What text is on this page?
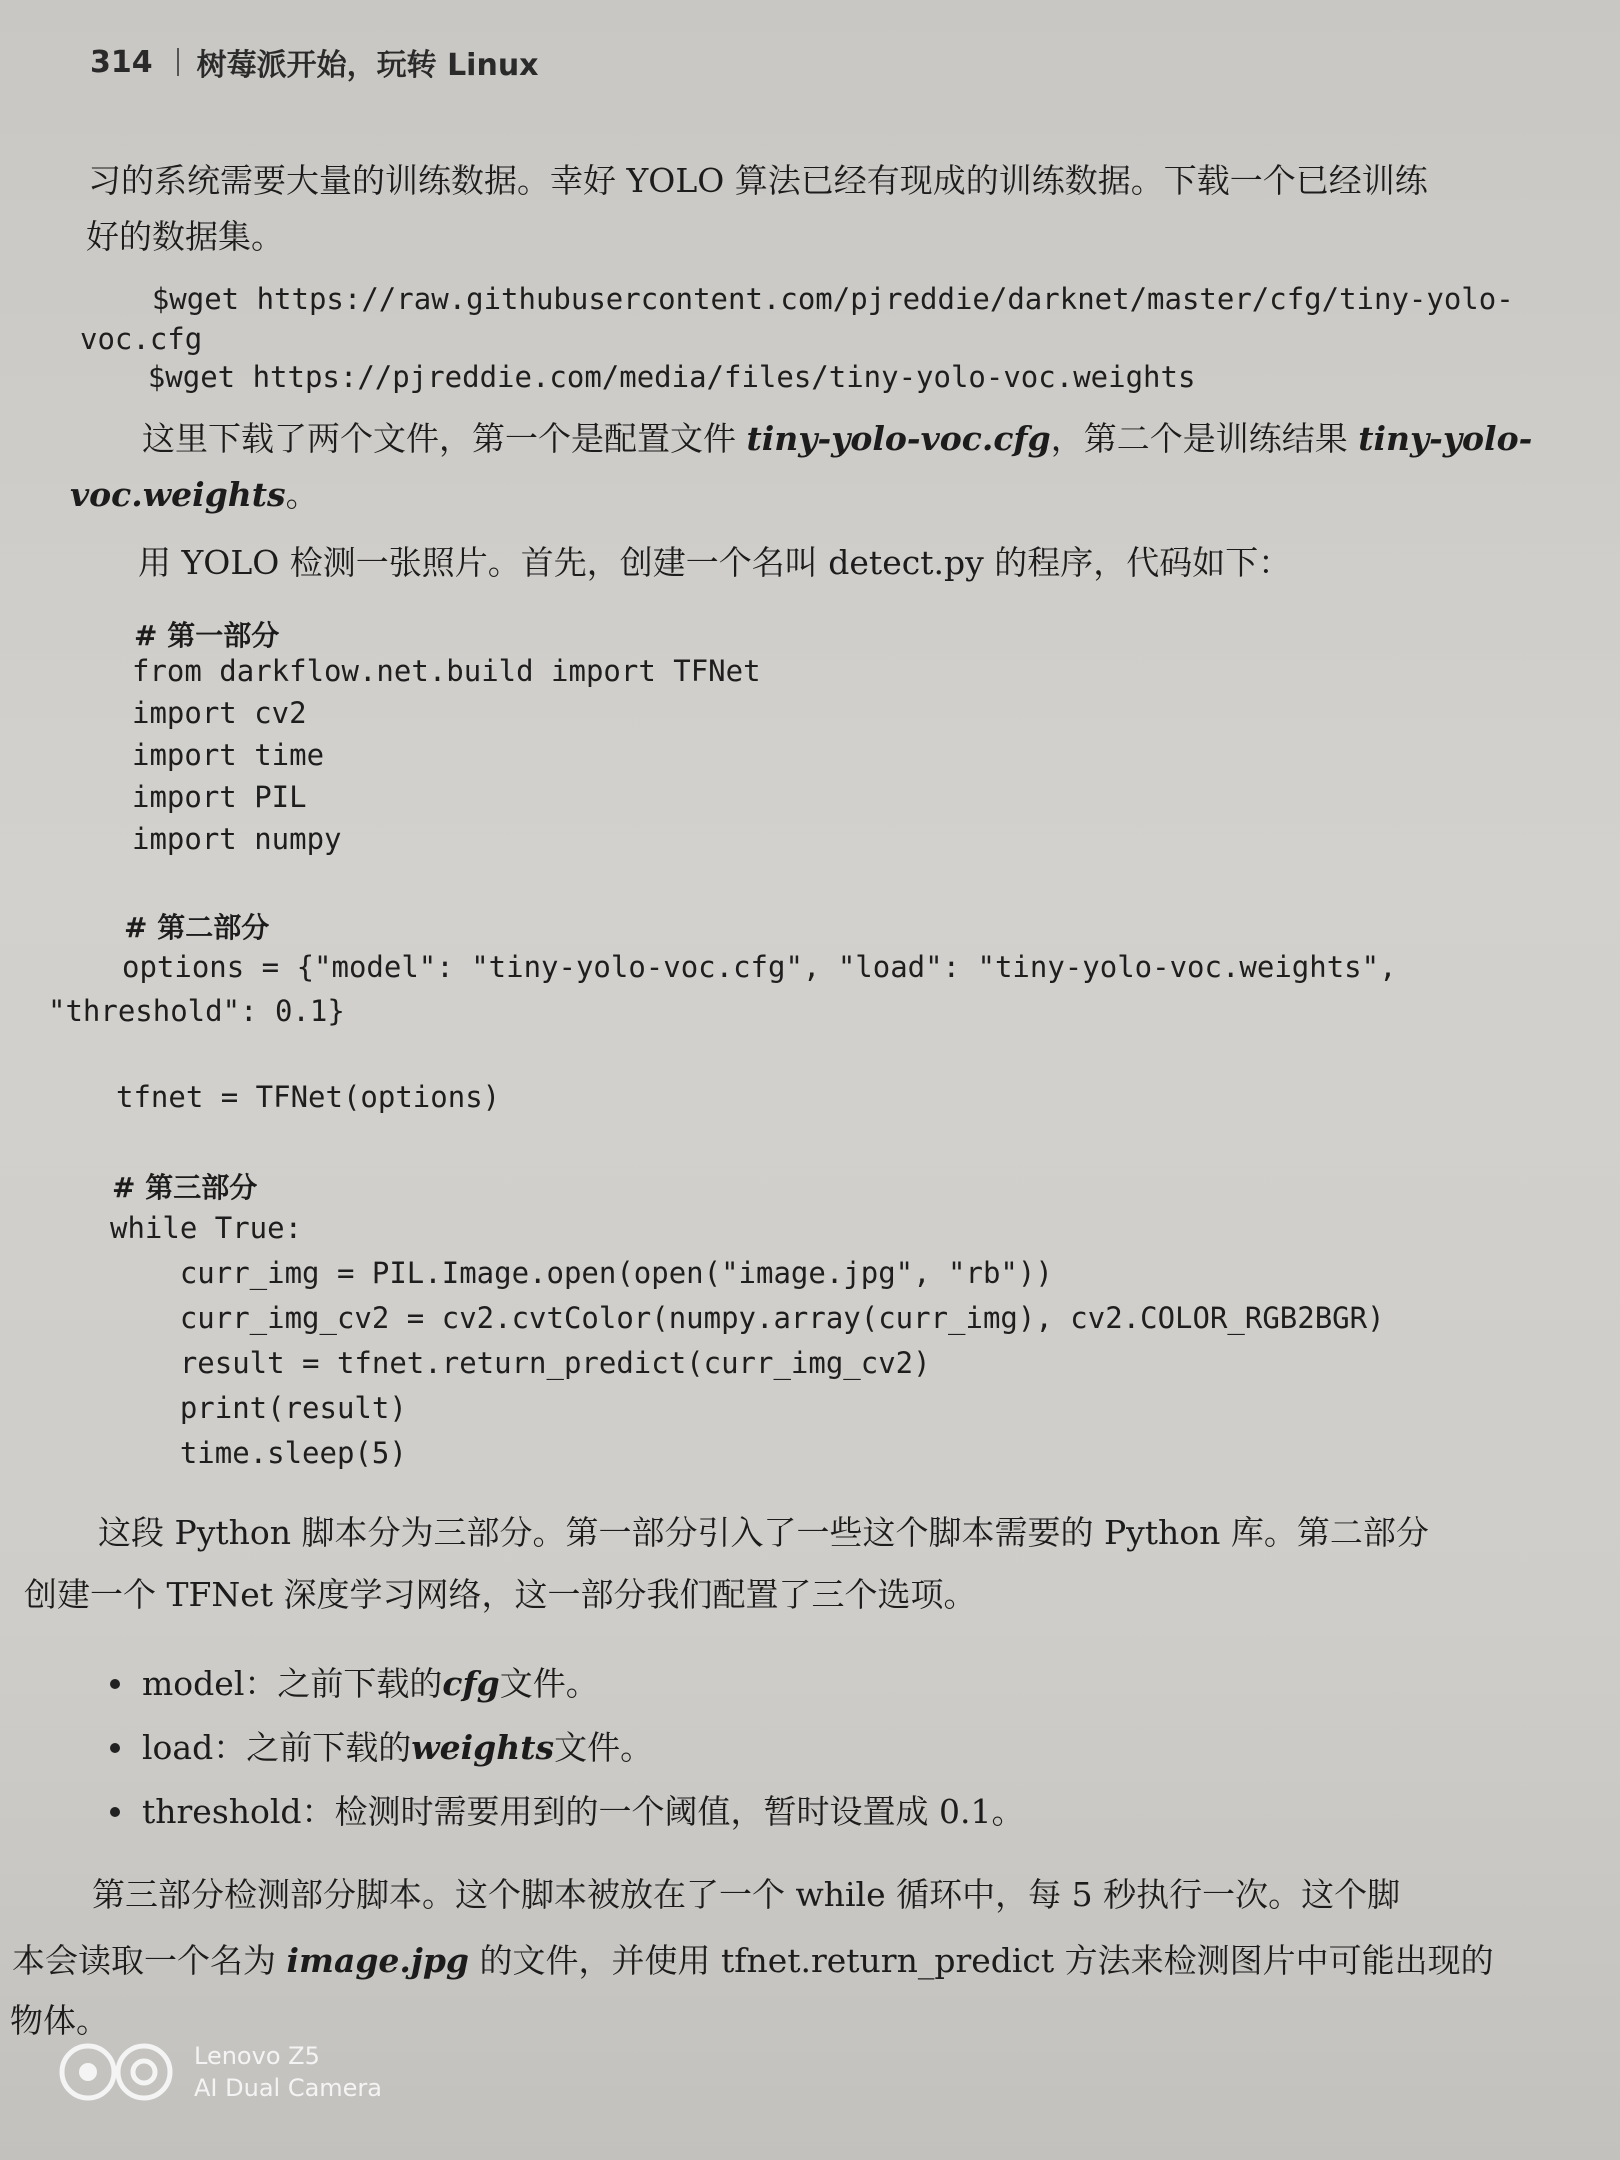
314 树莓派开始，玩转 Linux
习的系统需要大量的训练数据。幸好 YOLO 算法已经有现成的训练数据。下载一个已经训练
好的数据集。
$wget https://raw.githubusercontent.com/pjreddie/darknet/master/cfg/tiny-yolo-
voc.cfg
$wget https://pjreddie.com/media/files/tiny-yolo-voc.weights
这里下载了两个文件，第一个是配置文件 tiny-yolo-voc.cfg，第二个是训练结果 tiny-yolo-
voc.weights。
用 YOLO 检测一张照片。首先，创建一个名叫 detect.py 的程序，代码如下：
# 第一部分
from darkflow.net.build import TFNet
import cv2
import time
import PIL
import numpy
# 第二部分
options = {"model": "tiny-yolo-voc.cfg", "load": "tiny-yolo-voc.weights",
"threshold": 0.1}
tfnet = TFNet(options)
# 第三部分
while True:
curr_img = PIL.Image.open(open("image.jpg", "rb"))
curr_img_cv2 = cv2.cvtColor(numpy.array(curr_img), cv2.COLOR_RGB2BGR)
result = tfnet.return_predict(curr_img_cv2)
print(result)
time.sleep(5)
这段 Python 脚本分为三部分。第一部分引入了一些这个脚本需要的 Python 库。第二部分
创建一个 TFNet 深度学习网络，这一部分我们配置了三个选项。
model：之前下载的 cfg 文件。
load：之前下载的 weights 文件。
threshold：检测时需要用到的一个阈值，暂时设置成 0.1。
第三部分检测部分脚本。这个脚本被放在了一个 while 循环中，每 5 秒执行一次。这个脚
本会读取一个名为 image.jpg 的文件，并使用 tfnet.return_predict 方法来检测图片中可能出现的
物体。
Lenovo Z5
AI Dual Camera
